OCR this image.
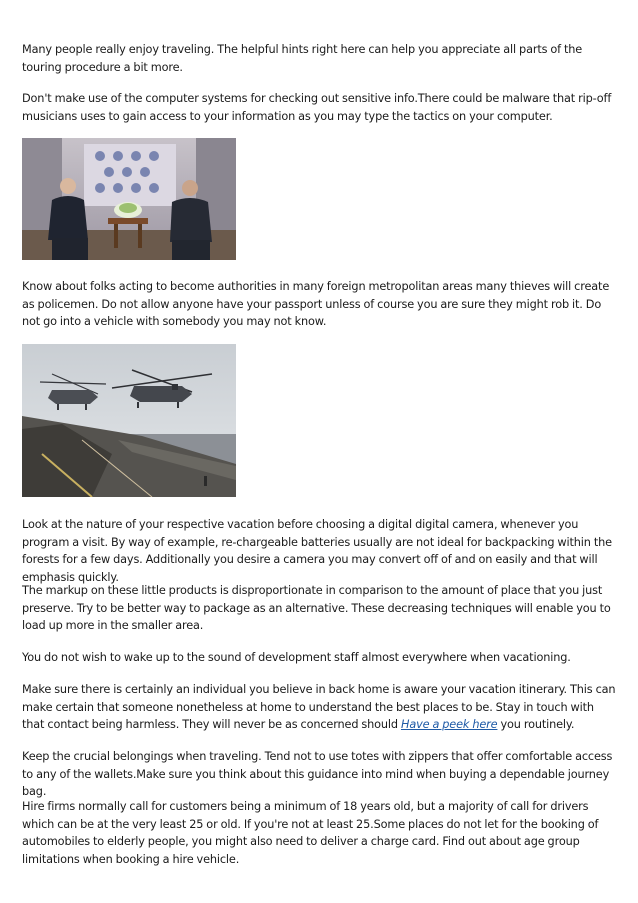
Many people really enjoy traveling. The helpful hints right here can help you appreciate all parts of the touring procedure a bit more.

Don't make use of the computer systems for checking out sensitive info.There could be malware that rip-off musicians uses to gain access to your information as you may type the tactics on your computer.

Know about folks acting to become authorities in many foreign metropolitan areas many thieves will create as policemen. Do not allow anyone have your passport unless of course you are sure they might rob it. Do not go into a vehicle with somebody you may not know.

Look at the nature of your respective vacation before choosing a digital digital camera, whenever you program a visit. By way of example, re-chargeable batteries usually are not ideal for backpacking within the forests for a few days. Additionally you desire a camera you may convert off of and on easily and that will emphasis quickly.

The markup on these little products is disproportionate in comparison to the amount of place that you just preserve. Try to be better way to package as an alternative. These decreasing techniques will enable you to load up more in the smaller area.

You do not wish to wake up to the sound of development staff almost everywhere when vacationing.

Make sure there is certainly an individual you believe in back home is aware your vacation itinerary. This can make certain that someone nonetheless at home to understand the best places to be. Stay in touch with that contact being harmless. They will never be as concerned should Have a peek here you routinely.

Keep the crucial belongings when traveling. Tend not to use totes with zippers that offer comfortable access to any of the wallets.Make sure you think about this guidance into mind when buying a dependable journey bag.

Hire firms normally call for customers being a minimum of 18 years old, but a majority of call for drivers which can be at the very least 25 or old. If you're not at least 25.Some places do not let for the booking of automobiles to elderly people, you might also need to deliver a charge card. Find out about age group limitations when booking a hire vehicle.
